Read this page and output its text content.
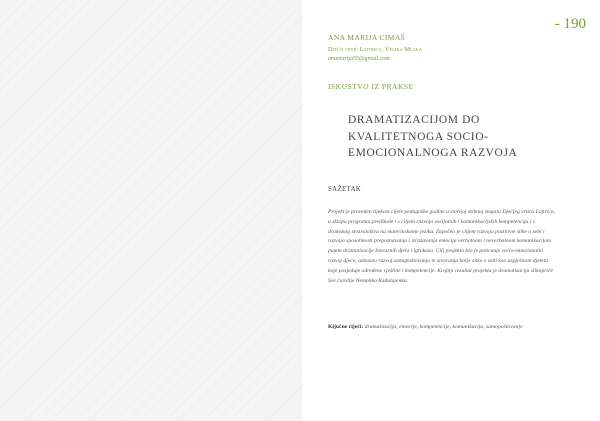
- 190
ANA MARIJA CIMAŠ
Dječji vrtić Lojtrica, Velika Mlaka
anamarija55@gmail.com
ISKUSTVO IZ PRAKSE
DRAMATIZACIJOM DO KVALITETNOGA SOCIO-EMOCIONALNOGA RAZVOJA
SAŽETAK
Projekt je proveden tijekom cijele pedagoške godine u starijoj dobnoj skupini Dječjeg vrtića Lojtrica, u sklopu programa predškole i s ciljem razvoja socijalnih i komunikacijskih kompetencija i s dramskog stvaralaštva na materinskome jeziku. Započeo je ciljem razvoja pozitivne slike o sebi i razvoja sposobnosti prepoznavanja i izražavanja emocija verbalnom i neverbalnom komunikacijom putem dramatizacije literarnih djela i igrokaza. Cilj projekta bio je poticanje socio-emocionalni razvoj djece, odnosno razvoj samopoštovanja te stvaranja bolje slike o sebi kao uspješnom djetetu koje posjeduje određene vještine i kompetencije. Krajnji rezultat projekta je dramatizacija slikopriče Sve čarolije Nemanka Radulajenka.
Ključne riječi: dramatizacija, emocije, kompetencije, komunikacija, samopoštovanje
